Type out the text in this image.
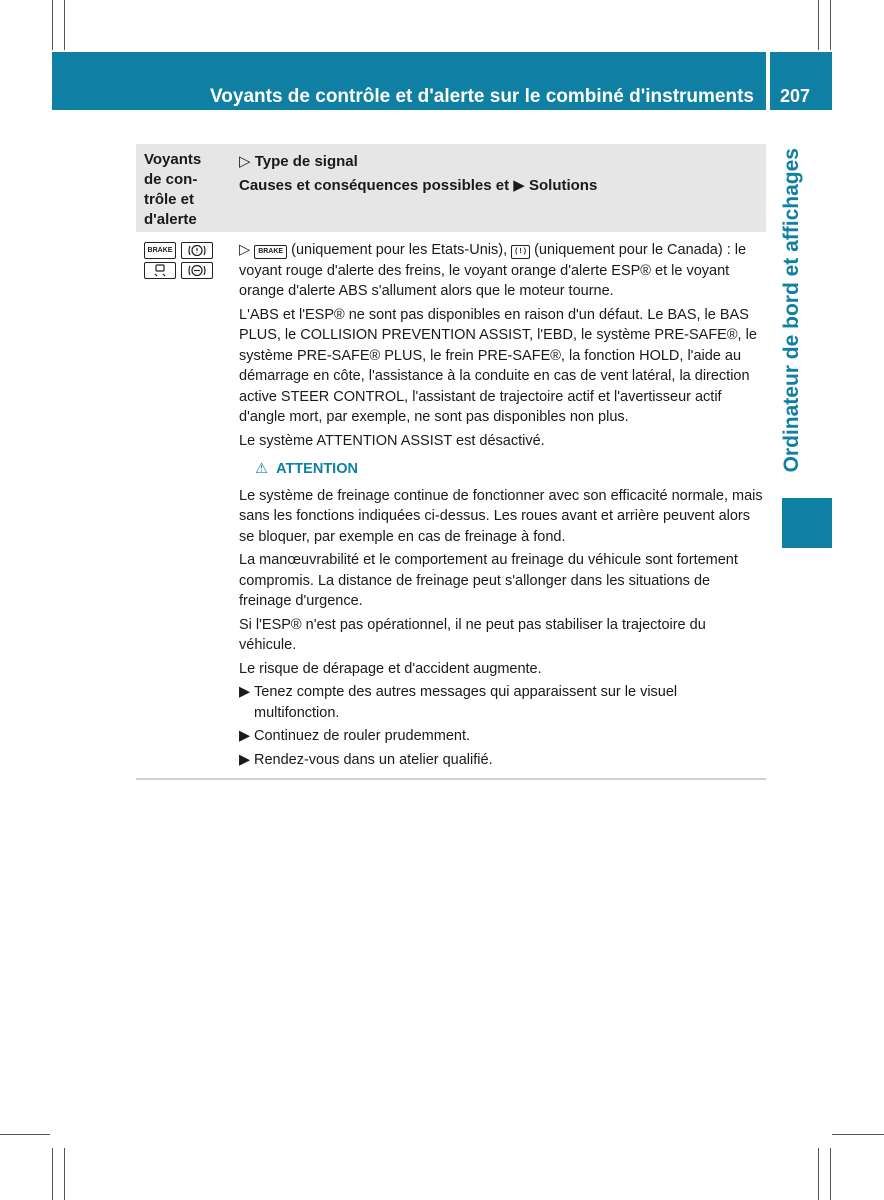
Voyants de contrôle et d'alerte sur le combiné d'instruments	207
Ordinateur de bord et affichages
Voyants
de con-
trôle et
d'alerte
▷ Type de signal
Causes et conséquences possibles et ▶ Solutions
BRAKE	▷ BRAKE (uniquement pour les Etats-Unis), ( ! ) (uniquement pour le Canada) : le voyant rouge d'alerte des freins, le voyant orange d'alerte ESP® et le voyant orange d'alerte ABS s'allument alors que le moteur tourne.

L'ABS et l'ESP® ne sont pas disponibles en raison d'un défaut. Le BAS, le BAS PLUS, le COLLISION PREVENTION ASSIST, l'EBD, le système PRE-SAFE®, le système PRE-SAFE® PLUS, le frein PRE-SAFE®, la fonction HOLD, l'aide au démarrage en côte, l'assistance à la conduite en cas de vent latéral, la direction active STEER CONTROL, l'assistant de trajectoire actif et l'avertisseur actif d'angle mort, par exemple, ne sont pas disponibles non plus.

Le système ATTENTION ASSIST est désactivé.

⚠ ATTENTION

Le système de freinage continue de fonctionner avec son efficacité normale, mais sans les fonctions indiquées ci-dessus. Les roues avant et arrière peuvent alors se bloquer, par exemple en cas de freinage à fond.

La manœuvrabilité et le comportement au freinage du véhicule sont fortement compromis. La distance de freinage peut s'allonger dans les situations de freinage d'urgence.

Si l'ESP® n'est pas opérationnel, il ne peut pas stabiliser la trajectoire du véhicule.

Le risque de dérapage et d'accident augmente.

▶ Tenez compte des autres messages qui apparaissent sur le visuel multifonction.

▶ Continuez de rouler prudemment.

▶ Rendez-vous dans un atelier qualifié.
